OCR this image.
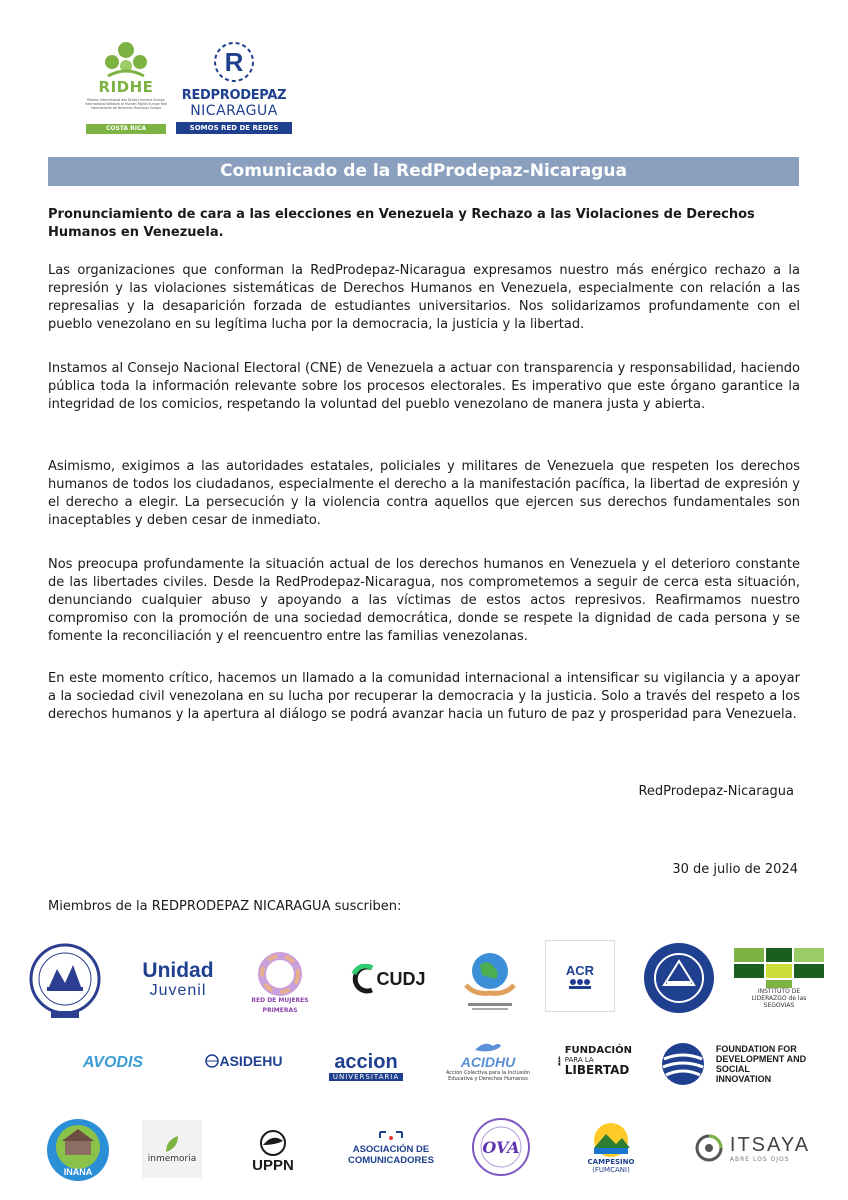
RIDHE
Réseau International des Droits Humains Europe International Network of Human Rights Europe Red Internacional de Derechos Humanos Europa
COSTA RICA
R
REDPRODEPAZ
NICARAGUA
SOMOS RED DE REDES
Comunicado de la RedProdepaz-Nicaragua
Pronunciamiento de cara a las elecciones en Venezuela y Rechazo a las Violaciones de Derechos Humanos en Venezuela.
Las organizaciones que conforman la RedProdepaz-Nicaragua expresamos nuestro más enérgico rechazo a la represión y las violaciones sistemáticas de Derechos Humanos en Venezuela, especialmente con relación a las represalias y la desaparición forzada de estudiantes universitarios. Nos solidarizamos profundamente con el pueblo venezolano en su legítima lucha por la democracia, la justicia y la libertad.
Instamos al Consejo Nacional Electoral (CNE) de Venezuela a actuar con transparencia y responsabilidad, haciendo pública toda la información relevante sobre los procesos electorales. Es imperativo que este órgano garantice la integridad de los comicios, respetando la voluntad del pueblo venezolano de manera justa y abierta.
Asimismo, exigimos a las autoridades estatales, policiales y militares de Venezuela que respeten los derechos humanos de todos los ciudadanos, especialmente el derecho a la manifestación pacífica, la libertad de expresión y el derecho a elegir. La persecución y la violencia contra aquellos que ejercen sus derechos fundamentales son inaceptables y deben cesar de inmediato.
Nos preocupa profundamente la situación actual de los derechos humanos en Venezuela y el deterioro constante de las libertades civiles. Desde la RedProdepaz-Nicaragua, nos comprometemos a seguir de cerca esta situación, denunciando cualquier abuso y apoyando a las víctimas de estos actos represivos. Reafirmamos nuestro compromiso con la promoción de una sociedad democrática, donde se respete la dignidad de cada persona y se fomente la reconciliación y el reencuentro entre las familias venezolanas.
En este momento crítico, hacemos un llamado a la comunidad internacional a intensificar su vigilancia y a apoyar a la sociedad civil venezolana en su lucha por recuperar la democracia y la justicia. Solo a través del respeto a los derechos humanos y la apertura al diálogo se podrá avanzar hacia un futuro de paz y prosperidad para Venezuela.
RedProdepaz-Nicaragua
30 de julio de 2024
Miembros de la REDPRODEPAZ NICARAGUA suscriben:
Unidad
Juvenil
RED DE MUJERES PRIMERAS
CUDJ	ACR
INSTITUTO DE LIDERAZGO de las SEGOVIAS
AVODIS	ASIDEHU	accion
UNIVERSITARIA
ACIDHU
Acción Colectiva para la Inclusión Educativa y Derechos Humanos
FUNDACIÓN
PARA LA
LIBERTAD
FOUNDATION FOR
DEVELOPMENT AND
SOCIAL
INNOVATION
INANA
inmemoria	UPPN
ASOCIACIÓN DE
COMUNICADORES
OVA
CAMPESINO
(FUMCANI)
ITSAYA
ABRE LOS OJOS
